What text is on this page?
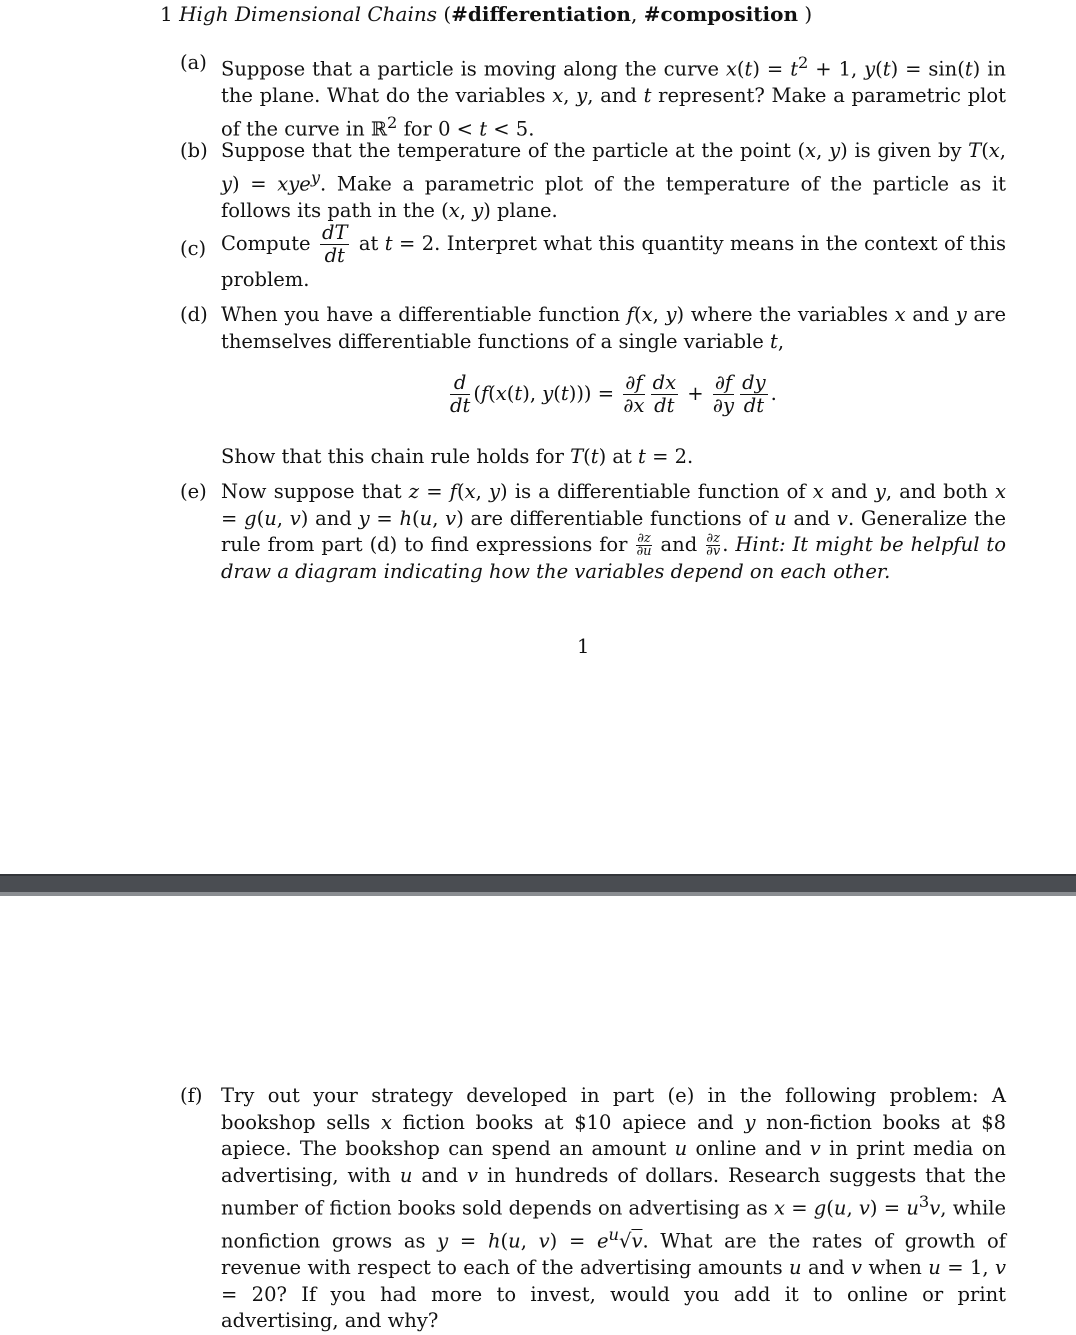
1 High Dimensional Chains (#differentiation, #composition )
(a) Suppose that a particle is moving along the curve $x(t) = t^2 + 1$, y(t) = sin(t) in the plane. What do the variables x, y, and t represent? Make a parametric plot of the curve in ℝ$^2$ for 0 < t < 5.
(b) Suppose that the temperature of the particle at the point (x, y) is given by T(x, y) = xye$^y$. Make a parametric plot of the temperature of the particle as it follows its path in the (x, y) plane.
(c) Compute $\frac{dT}{dt}$ at t = 2. Interpret what this quantity means in the context of this problem.
(d) When you have a differentiable function f(x, y) where the variables x and y are themselves differentiable functions of a single variable t,
$\frac{d}{dt} (f(x(t)$, $y(t))) = \frac{\partial f}{\partial x} \frac{dx}{dt} + \frac{\partial f}{\partial y} \frac{dy}{dt}$ .
Show that this chain rule holds for T(t) at t = 2.
(e) Now suppose that z = f(x, y) is a differentiable function of x and y, and both x = g(u, v) and y = h(u, v) are differentiable functions of u and v. Generalize the rule from part (d) to find expressions for $\frac{\partial z}{\partial u}$ and $\frac{\partial z}{\partial v}$ . Hint: It might be helpful to draw a diagram indicating how the variables depend on each other.
1
(f) Try out your strategy developed in part (e) in the following problem: A bookshop sells x fiction books at $10 apiece and y non-fiction books at $8 apiece. The bookshop can spend an amount u online and v in print media on advertising, with u and v in hundreds of dollars. Research suggests that the number of fiction books sold depends on advertising as x = g(u, $v) = u^3v$, while nonfiction grows as y = h(u, $v) = e^u√v$. What are the rates of growth of revenue with respect to each of the advertising amounts u and v when u = 1, v = 20? If you had more to invest, would you add it to online or print advertising, and why?
